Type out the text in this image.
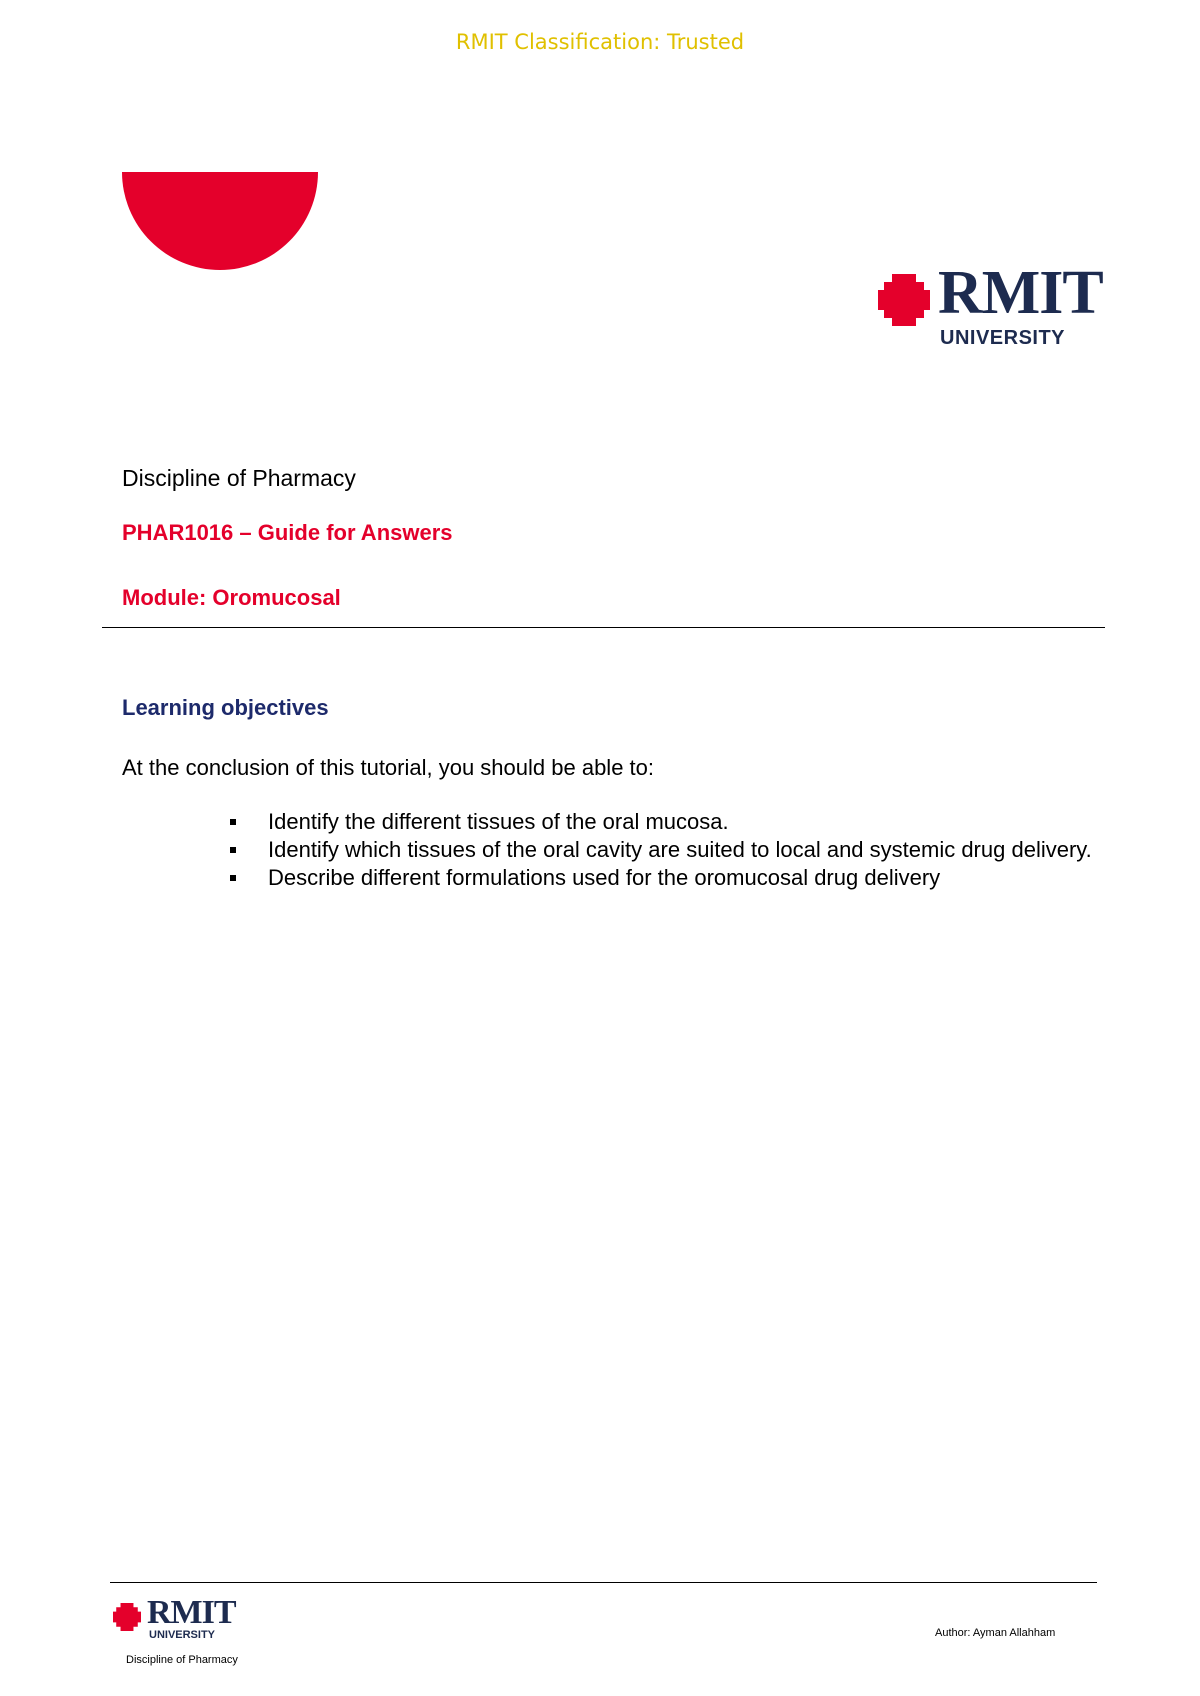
RMIT Classification: Trusted
RMIT
UNIVERSITY
Discipline of Pharmacy
PHAR1016 – Guide for Answers
Module: Oromucosal
Learning objectives
At the conclusion of this tutorial, you should be able to:
Identify the different tissues of the oral mucosa.
Identify which tissues of the oral cavity are suited to local and systemic drug delivery.
Describe different formulations used for the oromucosal drug delivery
RMIT
UNIVERSITY
Discipline of Pharmacy
Author: Ayman Allahham
